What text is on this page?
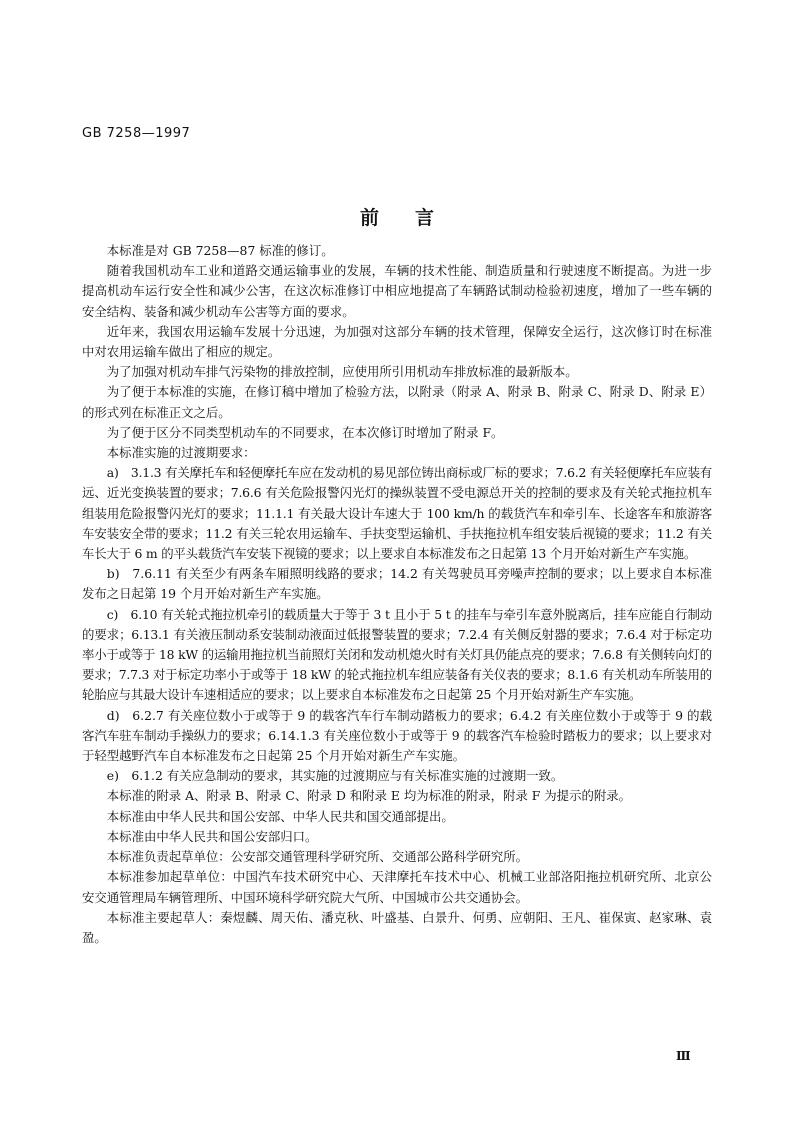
GB 7258—1997
前 言

本标准是对 GB 7258—87 标准的修订。

随着我国机动车工业和道路交通运输事业的发展，车辆的技术性能、制造质量和行驶速度不断提高。为进一步提高机动车运行安全性和减少公害，在这次标准修订中相应地提高了车辆路试制动检验初速度，增加了一些车辆的安全结构、装备和减少机动车公害等方面的要求。

近年来，我国农用运输车发展十分迅速，为加强对这部分车辆的技术管理，保障安全运行，这次修订时在标准中对农用运输车做出了相应的规定。

为了加强对机动车排气污染物的排放控制，应使用所引用机动车排放标准的最新版本。

为了便于本标准的实施，在修订稿中增加了检验方法，以附录（附录 A、附录 B、附录 C、附录 D、附录 E）的形式列在标准正文之后。

为了便于区分不同类型机动车的不同要求，在本次修订时增加了附录 F。

本标准实施的过渡期要求：

a)　3.1.3 有关摩托车和轻便摩托车应在发动机的易见部位铸出商标或厂标的要求；7.6.2 有关轻便摩托车应装有远、近光变换装置的要求；7.6.6 有关危险报警闪光灯的操纵装置不受电源总开关的控制的要求及有关轮式拖拉机车组装用危险报警闪光灯的要求；11.1.1 有关最大设计车速大于 100 km/h 的载货汽车和牵引车、长途客车和旅游客车安装安全带的要求；11.2 有关三轮农用运输车、手扶变型运输机、手扶拖拉机车组安装后视镜的要求；11.2 有关车长大于 6 m 的平头载货汽车安装下视镜的要求；以上要求自本标准发布之日起第 13 个月开始对新生产车实施。

b)　7.6.11 有关至少有两条车厢照明线路的要求；14.2 有关驾驶员耳旁噪声控制的要求；以上要求自本标准发布之日起第 19 个月开始对新生产车实施。

c)　6.10 有关轮式拖拉机牵引的载质量大于等于 3 t 且小于 5 t 的挂车与牵引车意外脱离后，挂车应能自行制动的要求；6.13.1 有关液压制动系安装制动液面过低报警装置的要求；7.2.4 有关侧反射器的要求；7.6.4 对于标定功率小于或等于 18 kW 的运输用拖拉机当前照灯关闭和发动机熄火时有关灯具仍能点亮的要求；7.6.8 有关侧转向灯的要求；7.7.3 对于标定功率小于或等于 18 kW 的轮式拖拉机车组应装备有关仪表的要求；8.1.6 有关机动车所装用的轮胎应与其最大设计车速相适应的要求；以上要求自本标准发布之日起第 25 个月开始对新生产车实施。

d)　6.2.7 有关座位数小于或等于 9 的载客汽车行车制动踏板力的要求；6.4.2 有关座位数小于或等于 9 的载客汽车驻车制动手操纵力的要求；6.14.1.3 有关座位数小于或等于 9 的载客汽车检验时踏板力的要求；以上要求对于轻型越野汽车自本标准发布之日起第 25 个月开始对新生产车实施。

e)　6.1.2 有关应急制动的要求，其实施的过渡期应与有关标准实施的过渡期一致。

本标准的附录 A、附录 B、附录 C、附录 D 和附录 E 均为标准的附录，附录 F 为提示的附录。

本标准由中华人民共和国公安部、中华人民共和国交通部提出。

本标准由中华人民共和国公安部归口。

本标准负责起草单位：公安部交通管理科学研究所、交通部公路科学研究所。

本标准参加起草单位：中国汽车技术研究中心、天津摩托车技术中心、机械工业部洛阳拖拉机研究所、北京公安交通管理局车辆管理所、中国环境科学研究院大气所、中国城市公共交通协会。

本标准主要起草人：秦煜麟、周天佑、潘克秋、叶盛基、白景升、何勇、应朝阳、王凡、崔保寅、赵家琳、袁盈。

Ⅲ
